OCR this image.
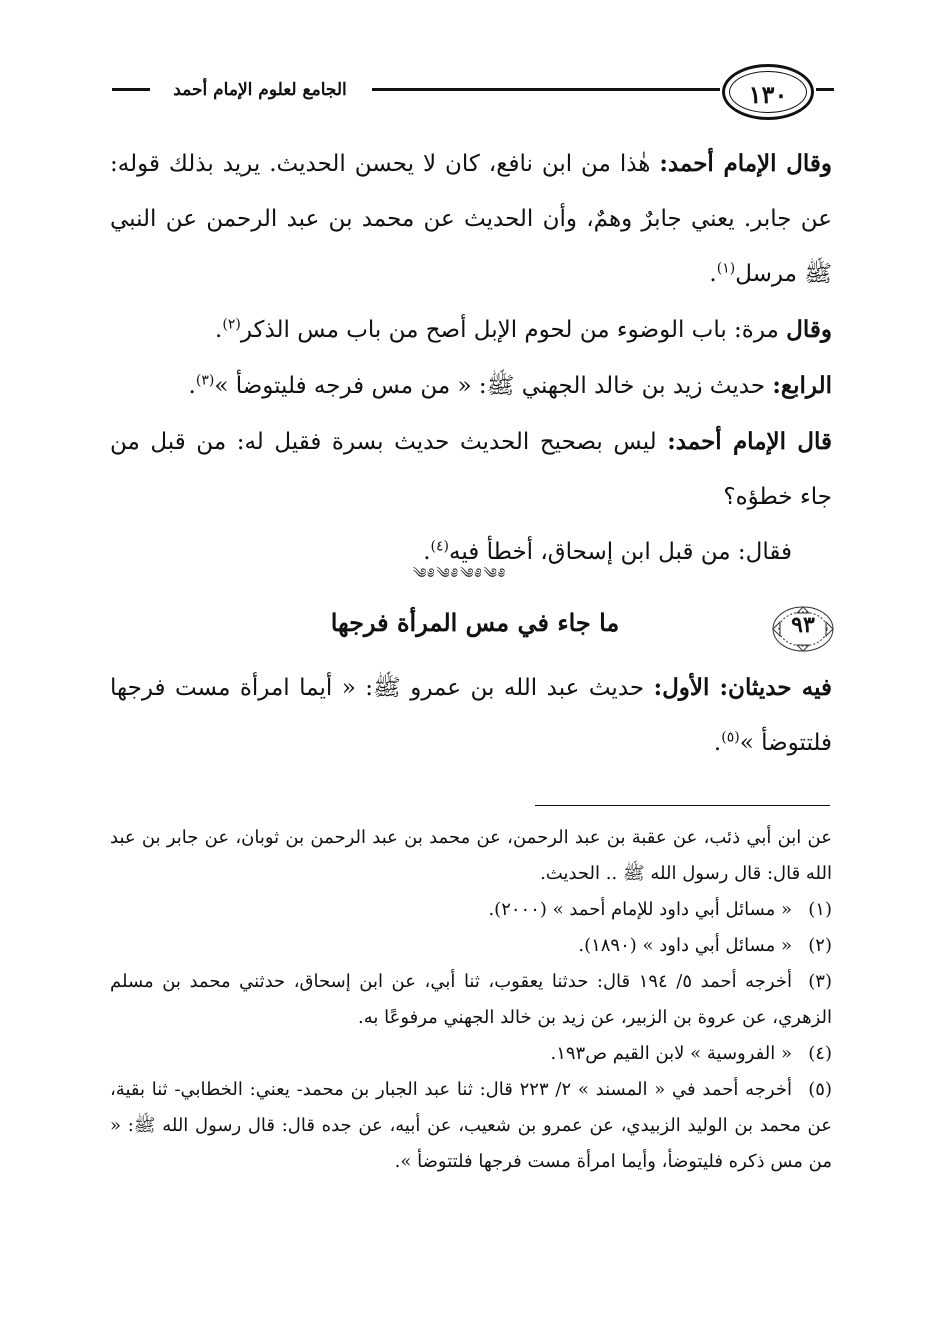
الجامع لعلوم الإمام أحمد	١٣٠

وقال الإمام أحمد: هٰذا من ابن نافع، كان لا يحسن الحديث. يريد بذلك قوله: عن جابر. يعني جابرٌ وهمٌ، وأن الحديث عن محمد بن عبد الرحمن عن النبي ﷺ مرسل$^{(١)}$.

وقال مرة: باب الوضوء من لحوم الإبل أصح من باب مس الذكر$^{(٢)}$.

الرابع: حديث زيد بن خالد الجهني ﷺ: « من مس فرجه فليتوضأ »$^{(٣)}$.

قال الإمام أحمد: ليس بصحيح الحديث حديث بسرة فقيل له: من قبل من جاء خطؤه؟

فقال: من قبل ابن إسحاق، أخطأ فيه$^{(٤)}$.

༄༅༄༅༄༅༄༅
٩٣
ما جاء في مس المرأة فرجها

فيه حديثان: الأول: حديث عبد الله بن عمرو ﷺ: « أيما امرأة مست فرجها فلتتوضأ »$^{(٥)}$.

عن ابن أبي ذئب، عن عقبة بن عبد الرحمن، عن محمد بن عبد الرحمن بن ثوبان، عن جابر بن عبد الله قال: قال رسول الله ﷺ .. الحديث.
(١)« مسائل أبي داود للإمام أحمد » (٢٠٠٠).
(٢)« مسائل أبي داود » (١٨٩٠).
(٣)أخرجه أحمد ٥/ ١٩٤ قال: حدثنا يعقوب، ثنا أبي، عن ابن إسحاق، حدثني محمد بن مسلم الزهري، عن عروة بن الزبير، عن زيد بن خالد الجهني مرفوعًا به.
(٤)« الفروسية » لابن القيم ص١٩٣.
(٥)أخرجه أحمد في « المسند » ٢/ ٢٢٣ قال: ثنا عبد الجبار بن محمد- يعني: الخطابي- ثنا بقية، عن محمد بن الوليد الزبيدي، عن عمرو بن شعيب، عن أبيه، عن جده قال: قال رسول الله ﷺ: « من مس ذكره فليتوضأ، وأيما امرأة مست فرجها فلتتوضأ ».
